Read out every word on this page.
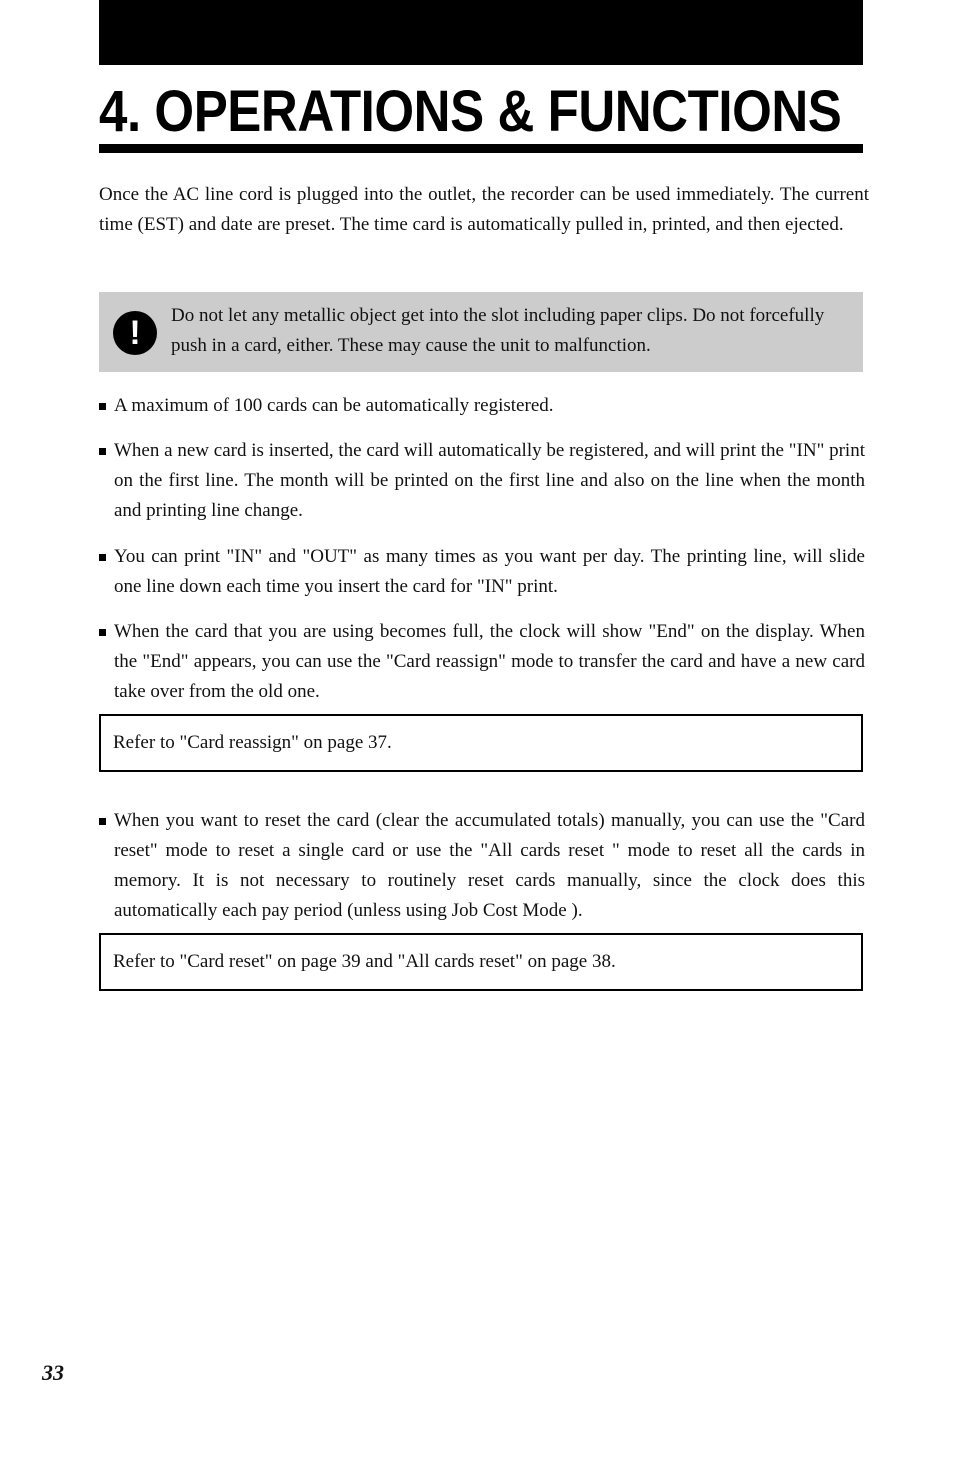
4. OPERATIONS & FUNCTIONS

Once the AC line cord is plugged into the outlet, the recorder can be used immediately. The current time (EST) and date are preset. The time card is automatically pulled in, printed, and then ejected.

!	Do not let any metallic object get into the slot including paper clips. Do not forcefully push in a card, either. These may cause the unit to malfunction.

A maximum of 100 cards can be automatically registered.

When a new card is inserted, the card will automatically be registered, and will print the "IN" print on the first line. The month will be printed on the first line and also on the line when the month and printing line change.

You can print "IN" and "OUT" as many times as you want per day. The printing line, will slide one line down each time you insert the card for "IN" print.

When the card that you are using becomes full, the clock will show "End" on the display. When the "End" appears, you can use the "Card reassign" mode to transfer the card and have a new card take over from the old one.

Refer to "Card reassign" on page 37.

When you want to reset the card (clear the accumulated totals) manually, you can use the "Card reset" mode to reset a single card or use the "All cards reset " mode to reset all the cards in memory. It is not necessary to routinely reset cards manually, since the clock does this automatically each pay period (unless using Job Cost Mode ).

Refer to "Card reset" on page 39 and "All cards reset" on page 38.
33
